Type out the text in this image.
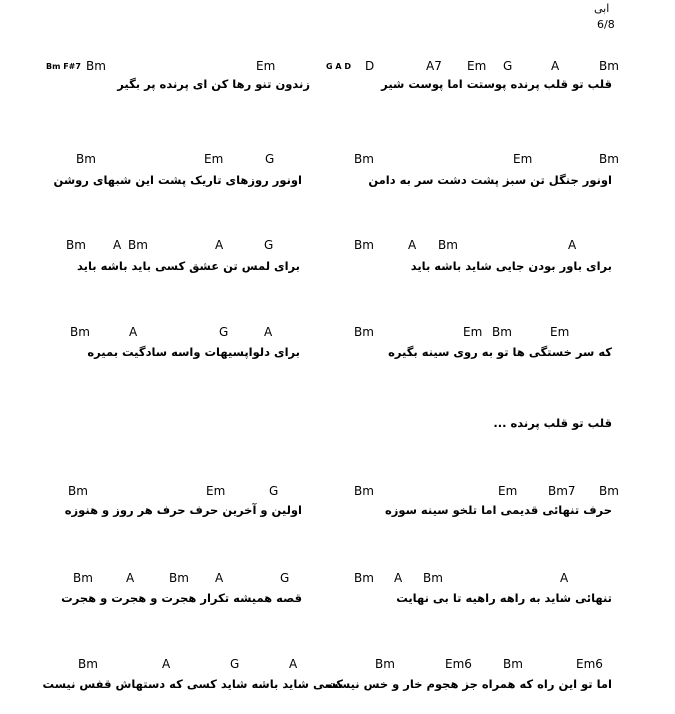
ابی
6/8
Bm F#7 Bm	Em	G A D D	A7 Em G	A	Bm
زندون تنو رها کن ای پرنده پر بگیر	قلب تو قلب پرنده پوستت اما پوست شیر
Bm	Em	G	Bm	Em	Bm
اونور روزهای تاریک پشت این شبهای روشن	اونور جنگل تن سبز پشت دشت سر به دامن
Bm A Bm	A	G	Bm	A Bm	A
برای لمس تن عشق کسی باید باشه باید	برای باور بودن جایی شاید باشه باید
Bm	A	G	A	Bm	Em Bm	Em
برای دلواپسیهات واسه سادگیت بمیره	که سر خستگی ها تو به روی سینه بگیره
قلب تو قلب پرنده ...
Bm	Em	G	Bm	Em	Bm7 Bm
اولین و آخرین حرف حرف هر روز و هنوزه	حرف تنهائی قدیمی اما تلخو سینه سوزه
Bm	A	Bm A	G	Bm A Bm	A
قصه همیشه تکرار هجرت و هجرت و هجرت	تنهائی شاید به راهه راهیه تا بی نهایت
Bm	A	G	A	Bm	Em6	Bm	Em6
کسی شاید باشه شاید کسی که دستهاش قفس نیست
اما تو این راه که همراه جز هجوم خار و خس نیست
